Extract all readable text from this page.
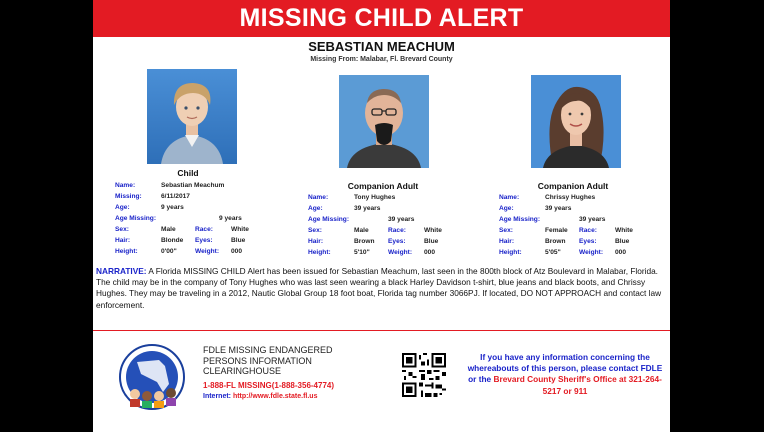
MISSING CHILD ALERT
SEBASTIAN MEACHUM
Missing From: Malabar, Fl. Brevard County
Child
Companion Adult	Companion Adult
Name:	Sebastian Meachum
Missing:	6/11/2017
Age:	9 years
Age Missing:	9 years
Sex:	Male	Race:	White
Hair:	Blonde Eyes:	Blue
Height:	0'00"	Weight: 000
Name:	Tony Hughes
Age:	39 years
Age Missing:	39 years
Sex:	Male	Race:	White
Hair:	Brown Eyes:	Blue
Height:	5'10"	Weight: 000
Name:	Chrissy Hughes
Age:	39 years
Age Missing:	39 years
Sex:	Female Race:	White
Hair:	Brown Eyes:	Blue
Height:	5'05"	Weight: 000
NARRATIVE: A Florida MISSING CHILD Alert has been issued for Sebastian Meachum, last seen in the 800th block of Atz Boulevard in Malabar, Florida. The child may be in the company of Tony Hughes who was last seen wearing a black Harley Davidson t-shirt, blue jeans and black boots, and Chrissy Hughes. They may be traveling in a 2012, Nautic Global Group 18 foot boat, Florida tag number 3066PJ. If located, DO NOT APPROACH and contact law enforcement.
FDLE MISSING ENDANGERED
PERSONS INFORMATION
CLEARINGHOUSE
1-888-FL MISSING(1-888-356-4774)
Internet: http://www.fdle.state.fl.us
If you have any information concerning the whereabouts of this person, please contact FDLE or the Brevard County Sheriff's Office at 321-264-5217 or 911
